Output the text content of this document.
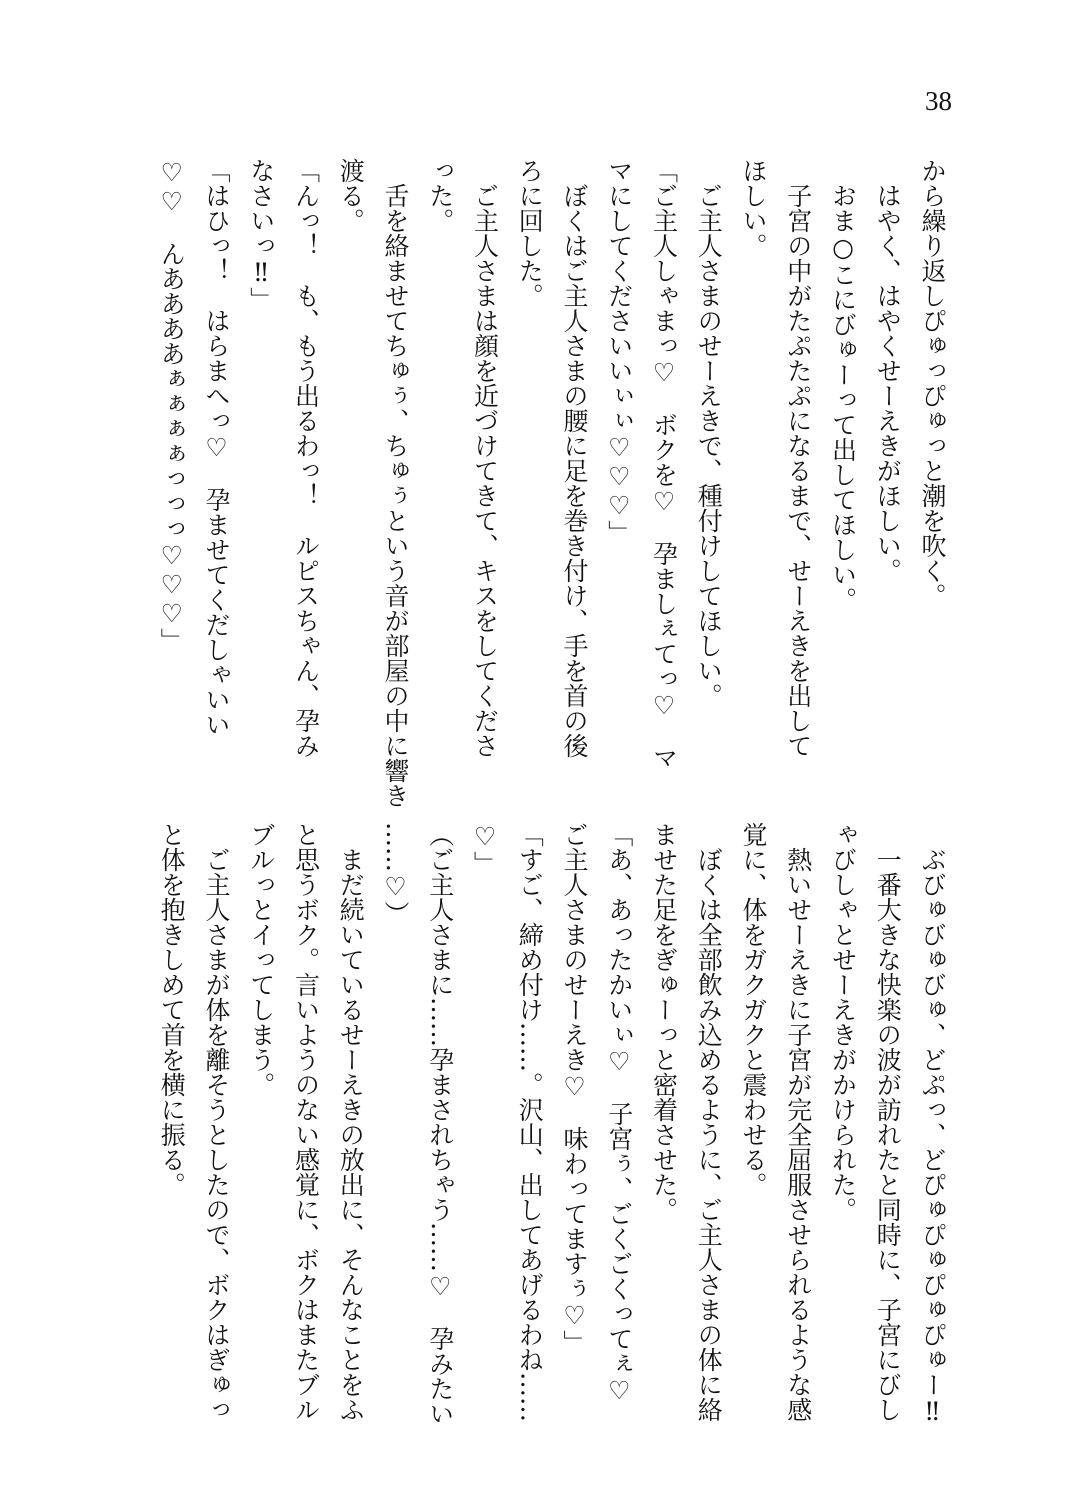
38
から繰り返しぴゅっぴゅっと潮を吹く。
　はやく、はやくせーえきがほしい。
　おま○こにびゅーって出してほしい。
　子宮の中がたぷたぷになるまで、せーえきを出して
ほしい。
　ご主人さまのせーえきで、種付けしてほしい。
「ご主人しゃまっ♡　ボクを♡　孕ましぇてっ♡　マ
マにしてくださいいぃぃ♡♡♡」
　ぼくはご主人さまの腰に足を巻き付け、手を首の後
ろに回した。
　ご主人さまは顔を近づけてきて、キスをしてくださ
った。
　舌を絡ませてちゅぅ、ちゅぅという音が部屋の中に響き
渡る。
「んっ！　も、もう出るわっ！　ルピスちゃん、孕み
なさいっ‼」
「はひっ！　はらまへっ♡　孕ませてくだしゃいい
♡♡　んああああぁぁぁぁっっっ♡♡♡」
　ぶびゅびゅびゅ、どぷっ、どぴゅぴゅぴゅぴゅー‼
　一番大きな快楽の波が訪れたと同時に、子宮にびし
ゃびしゃとせーえきがかけられた。
　熱いせーえきに子宮が完全屈服させられるような感
覚に、体をガクガクと震わせる。
　ぼくは全部飲み込めるように、ご主人さまの体に絡
ませた足をぎゅーっと密着させた。
「あ、あったかいぃ♡　子宮ぅ、ごくごくってぇ♡
ご主人さまのせーえき♡　味わってますぅ♡」
「すご、締め付け……。沢山、出してあげるわね……
♡」
（ご主人さまに……孕まされちゃう……♡　孕みたい
……♡）
　まだ続いているせーえきの放出に、そんなことをふ
と思うボク。言いようのない感覚に、ボクはまたブル
ブルっとイってしまう。
　ご主人さまが体を離そうとしたので、ボクはぎゅっ
と体を抱きしめて首を横に振る。
